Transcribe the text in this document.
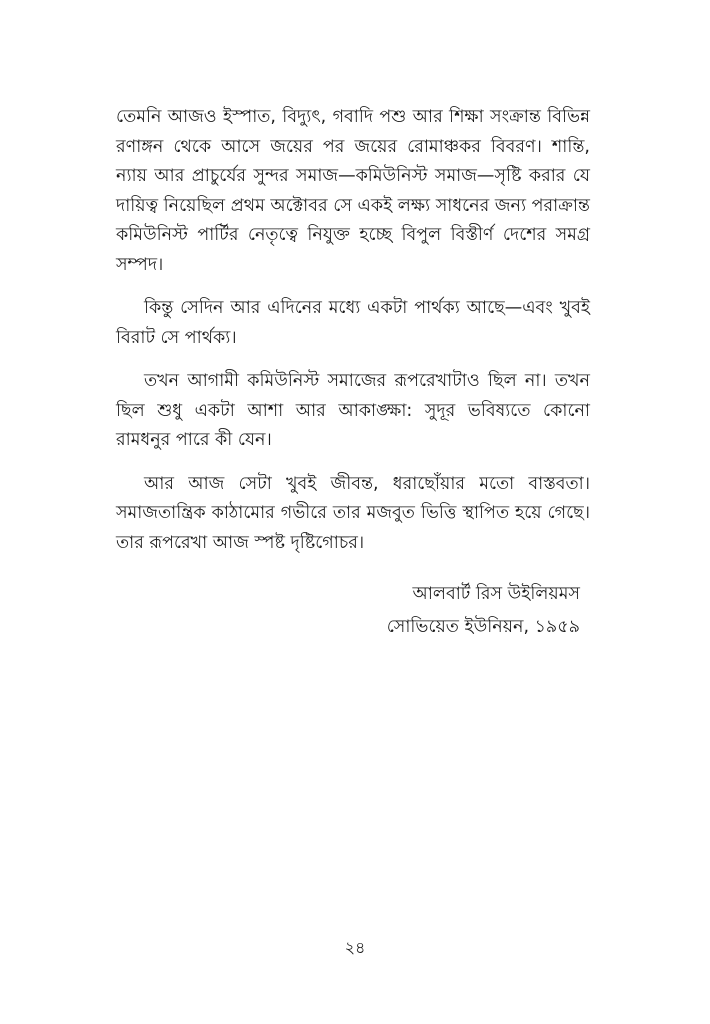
তেমনি আজও ইস্পাত, বিদ্যুৎ, গবাদি পশু আর শিক্ষা সংক্রান্ত বিভিন্ন রণাঙ্গন থেকে আসে জয়ের পর জয়ের রোমাঞ্চকর বিবরণ। শান্তি, ন্যায় আর প্রাচুর্যের সুন্দর সমাজ—কমিউনিস্ট সমাজ—সৃষ্টি করার যে দায়িত্ব নিয়েছিল প্রথম অক্টোবর সে একই লক্ষ্য সাধনের জন্য পরাক্রান্ত কমিউনিস্ট পার্টির নেতৃত্বে নিযুক্ত হচ্ছে বিপুল বিস্তীর্ণ দেশের সমগ্র সম্পদ।

কিন্তু সেদিন আর এদিনের মধ্যে একটা পার্থক্য আছে—এবং খুবই বিরাট সে পার্থক্য।

তখন আগামী কমিউনিস্ট সমাজের রূপরেখাটাও ছিল না। তখন ছিল শুধু একটা আশা আর আকাঙ্ক্ষা: সুদূর ভবিষ্যতে কোনো রামধনুর পারে কী যেন।

আর আজ সেটা খুবই জীবন্ত, ধরাছোঁয়ার মতো বাস্তবতা। সমাজতান্ত্রিক কাঠামোর গভীরে তার মজবুত ভিত্তি স্থাপিত হয়ে গেছে। তার রূপরেখা আজ স্পষ্ট দৃষ্টিগোচর।

আলবার্ট রিস উইলিয়মস
সোভিয়েত ইউনিয়ন, ১৯৫৯
২৪
